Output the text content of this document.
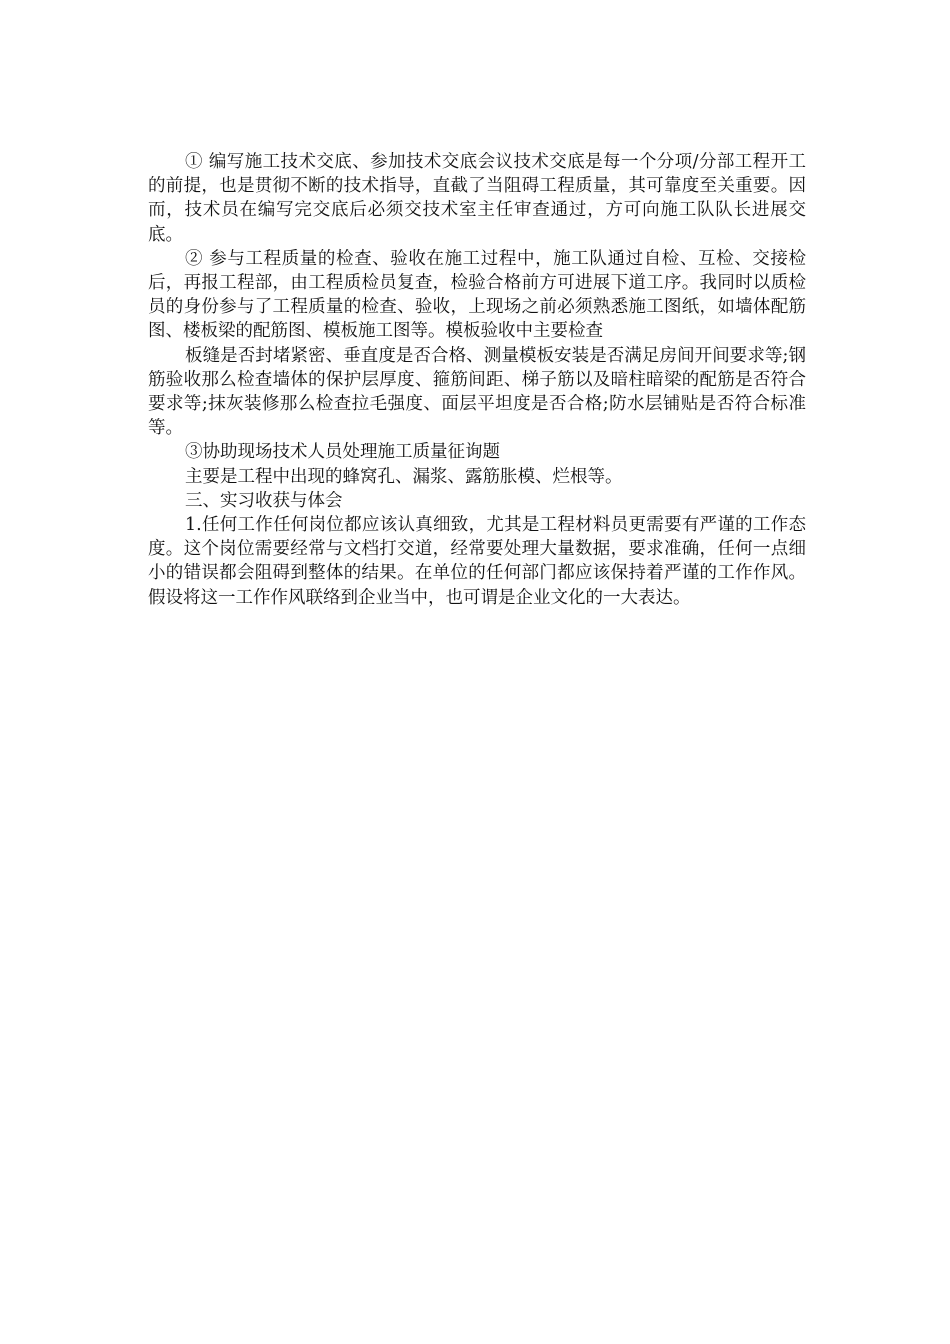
① 编写施工技术交底、参加技术交底会议技术交底是每一个分项/分部工程开工的前提，也是贯彻不断的技术指导，直截了当阻碍工程质量，其可靠度至关重要。因而，技术员在编写完交底后必须交技术室主任审查通过，方可向施工队队长进展交底。

② 参与工程质量的检查、验收在施工过程中，施工队通过自检、互检、交接检后，再报工程部，由工程质检员复查，检验合格前方可进展下道工序。我同时以质检员的身份参与了工程质量的检查、验收，上现场之前必须熟悉施工图纸，如墙体配筋图、楼板梁的配筋图、模板施工图等。模板验收中主要检查

板缝是否封堵紧密、垂直度是否合格、测量模板安装是否满足房间开间要求等;钢筋验收那么检查墙体的保护层厚度、箍筋间距、梯子筋以及暗柱暗梁的配筋是否符合要求等;抹灰装修那么检查拉毛强度、面层平坦度是否合格;防水层铺贴是否符合标准等。

③协助现场技术人员处理施工质量征询题

主要是工程中出现的蜂窝孔、漏浆、露筋胀模、烂根等。

三、实习收获与体会

1.任何工作任何岗位都应该认真细致，尤其是工程材料员更需要有严谨的工作态度。这个岗位需要经常与文档打交道，经常要处理大量数据，要求准确，任何一点细小的错误都会阻碍到整体的结果。在单位的任何部门都应该保持着严谨的工作作风。假设将这一工作作风联络到企业当中，也可谓是企业文化的一大表达。
